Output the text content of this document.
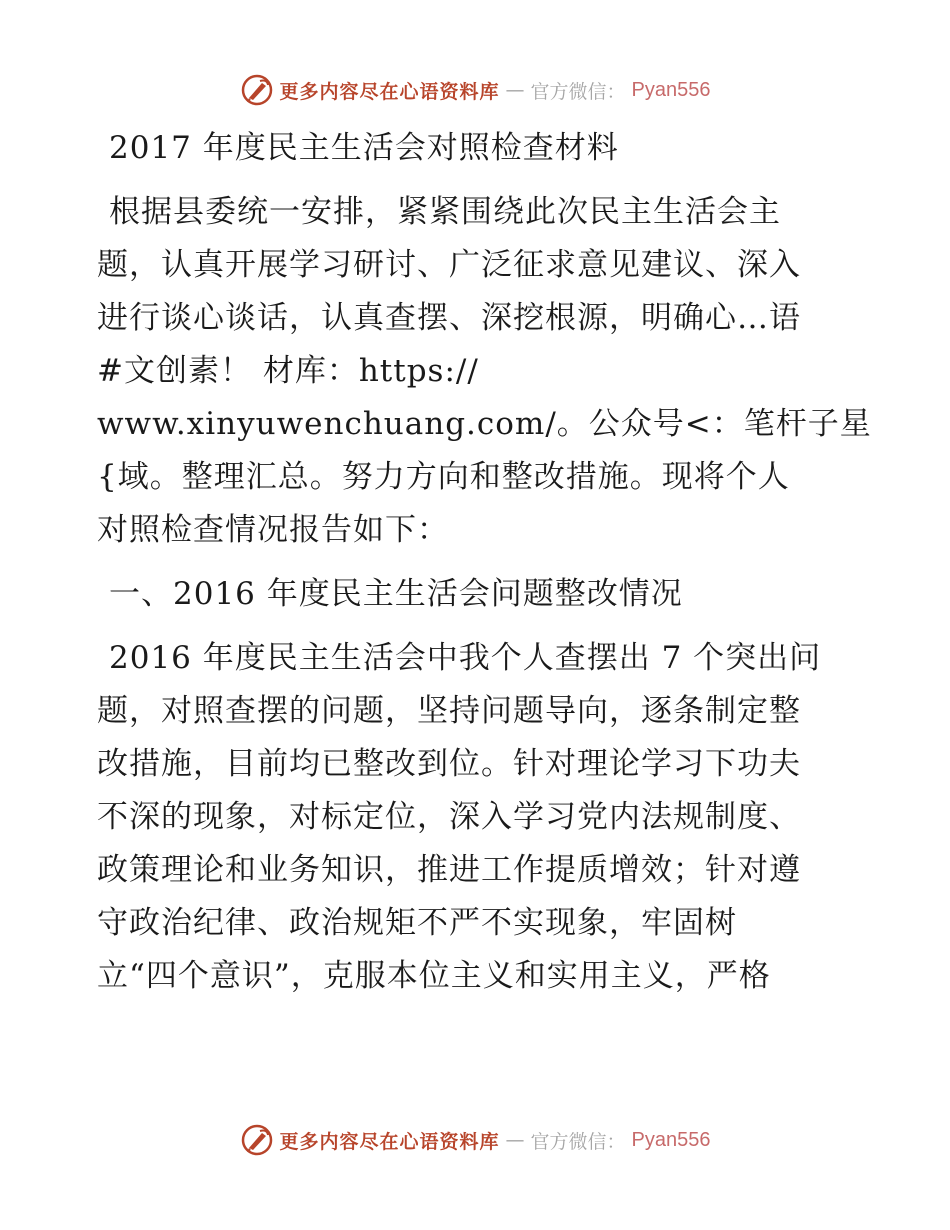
更多内容尽在心语资料库 — 官方微信： Pyan556
2017 年度民主生活会对照检查材料
根据县委统一安排，紧紧围绕此次民主生活会主
题，认真开展学习研讨、广泛征求意见建议、深入
进行谈心谈话，认真查摆、深挖根源，明确心…语
#文创素！ 材库：https://
www.xinyuwenchuang.com/。公众号<：笔杆子星
{域。整理汇总。努力方向和整改措施。现将个人
对照检查情况报告如下：
一、2016 年度民主生活会问题整改情况
2016 年度民主生活会中我个人查摆出 7 个突出问
题，对照查摆的问题，坚持问题导向，逐条制定整
改措施，目前均已整改到位。针对理论学习下功夫
不深的现象，对标定位，深入学习党内法规制度、
政策理论和业务知识，推进工作提质增效；针对遵
守政治纪律、政治规矩不严不实现象，牢固树
立“四个意识”，克服本位主义和实用主义，严格
更多内容尽在心语资料库 — 官方微信： Pyan556
